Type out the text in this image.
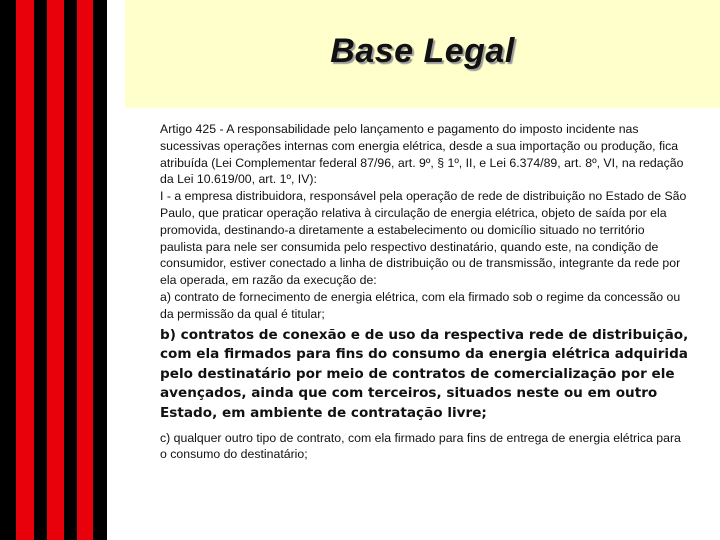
Base Legal

Artigo 425 - A responsabilidade pelo lançamento e pagamento do imposto incidente nas sucessivas operações internas com energia elétrica, desde a sua importação ou produção, fica atribuída (Lei Complementar federal 87/96, art. 9º, § 1º, II, e Lei 6.374/89, art. 8º, VI, na redação da Lei 10.619/00, art. 1º, IV):

I - a empresa distribuidora, responsável pela operação de rede de distribuição no Estado de São Paulo, que praticar operação relativa à circulação de energia elétrica, objeto de saída por ela promovida, destinando-a diretamente a estabelecimento ou domicílio situado no território paulista para nele ser consumida pelo respectivo destinatário, quando este, na condição de consumidor, estiver conectado a linha de distribuição ou de transmissão, integrante da rede por ela operada, em razão da execução de:

a) contrato de fornecimento de energia elétrica, com ela firmado sob o regime da concessão ou da permissão da qual é titular;

b) contratos de conexão e de uso da respectiva rede de distribuição, com ela firmados para fins do consumo da energia elétrica adquirida pelo destinatário por meio de contratos de comercialização por ele avençados, ainda que com terceiros, situados neste ou em outro Estado, em ambiente de contratação livre;

c) qualquer outro tipo de contrato, com ela firmado para fins de entrega de energia elétrica para o consumo do destinatário;
